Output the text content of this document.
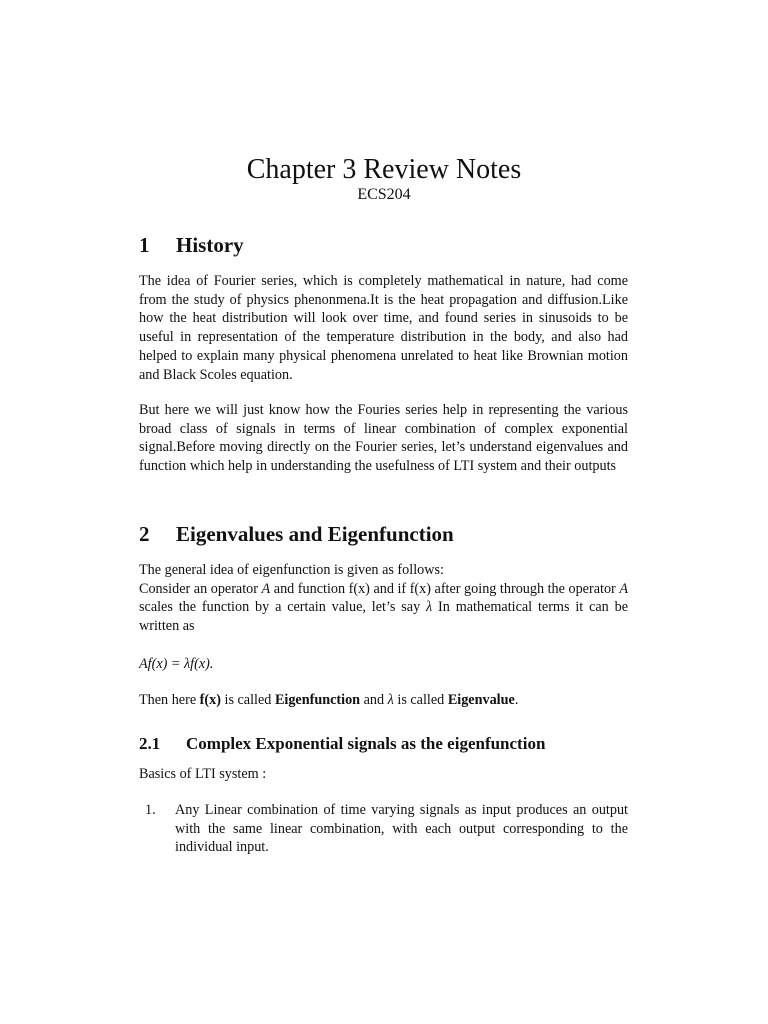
Chapter 3 Review Notes
ECS204
1 History

The idea of Fourier series, which is completely mathematical in nature, had come from the study of physics phenonmena.It is the heat propagation and diffusion.Like how the heat distribution will look over time, and found series in sinusoids to be useful in representation of the temperature distribution in the body, and also had helped to explain many physical phenomena unrelated to heat like Brownian motion and Black Scoles equation.

But here we will just know how the Fouries series help in representing the various broad class of signals in terms of linear combination of complex exponential signal.Before moving directly on the Fourier series, let’s understand eigenvalues and function which help in understanding the usefulness of LTI system and their outputs

2 Eigenvalues and Eigenfunction

The general idea of eigenfunction is given as follows:

Consider an operator A and function f(x) and if f(x) after going through the operator A scales the function by a certain value, let’s say λ In mathematical terms it can be written as

Af(x) = λf(x).

Then here f(x) is called Eigenfunction and λ is called Eigenvalue.

2.1 Complex Exponential signals as the eigenfunction

Basics of LTI system :

1. Any Linear combination of time varying signals as input produces an output with the same linear combination, with each output corresponding to the individual input.
